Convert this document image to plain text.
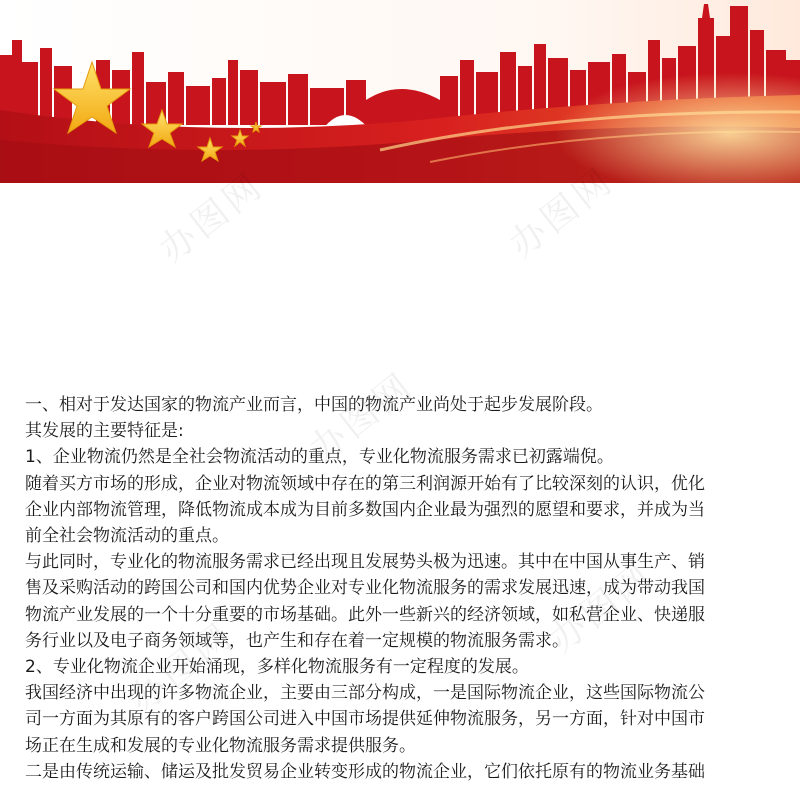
办图网	办图网
办图网
办图网
办图网

一、相对于发达国家的物流产业而言，中国的物流产业尚处于起步发展阶段。

其发展的主要特征是:

1、企业物流仍然是全社会物流活动的重点，专业化物流服务需求已初露端倪。

随着买方市场的形成，企业对物流领域中存在的第三利润源开始有了比较深刻的认识，优化

企业内部物流管理，降低物流成本成为目前多数国内企业最为强烈的愿望和要求，并成为当

前全社会物流活动的重点。

与此同时，专业化的物流服务需求已经出现且发展势头极为迅速。其中在中国从事生产、销

售及采购活动的跨国公司和国内优势企业对专业化物流服务的需求发展迅速，成为带动我国

物流产业发展的一个十分重要的市场基础。此外一些新兴的经济领域，如私营企业、快递服

务行业以及电子商务领域等，也产生和存在着一定规模的物流服务需求。

2、专业化物流企业开始涌现，多样化物流服务有一定程度的发展。

我国经济中出现的许多物流企业，主要由三部分构成，一是国际物流企业，这些国际物流公

司一方面为其原有的客户跨国公司进入中国市场提供延伸物流服务，另一方面，针对中国市

场正在生成和发展的专业化物流服务需求提供服务。

二是由传统运输、储运及批发贸易企业转变形成的物流企业，它们依托原有的物流业务基础
